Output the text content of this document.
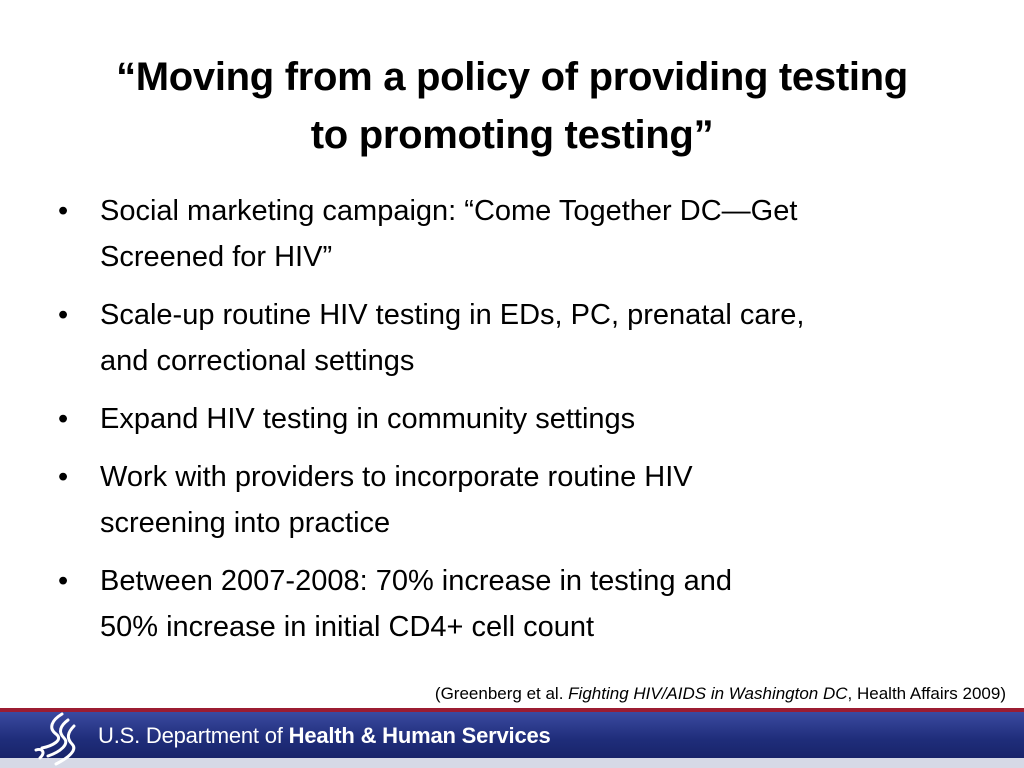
“Moving from a policy of providing testing
to promoting testing”
• Social marketing campaign: “Come Together DC—Get
Screened for HIV”
• Scale-up routine HIV testing in EDs, PC, prenatal care,
and correctional settings
• Expand HIV testing in community settings
• Work with providers to incorporate routine HIV
screening into practice
• Between 2007-2008: 70% increase in testing and
50% increase in initial CD4+ cell count
(Greenberg et al. Fighting HIV/AIDS in Washington DC, Health Affairs 2009)
U.S. Department of Health & Human Services
